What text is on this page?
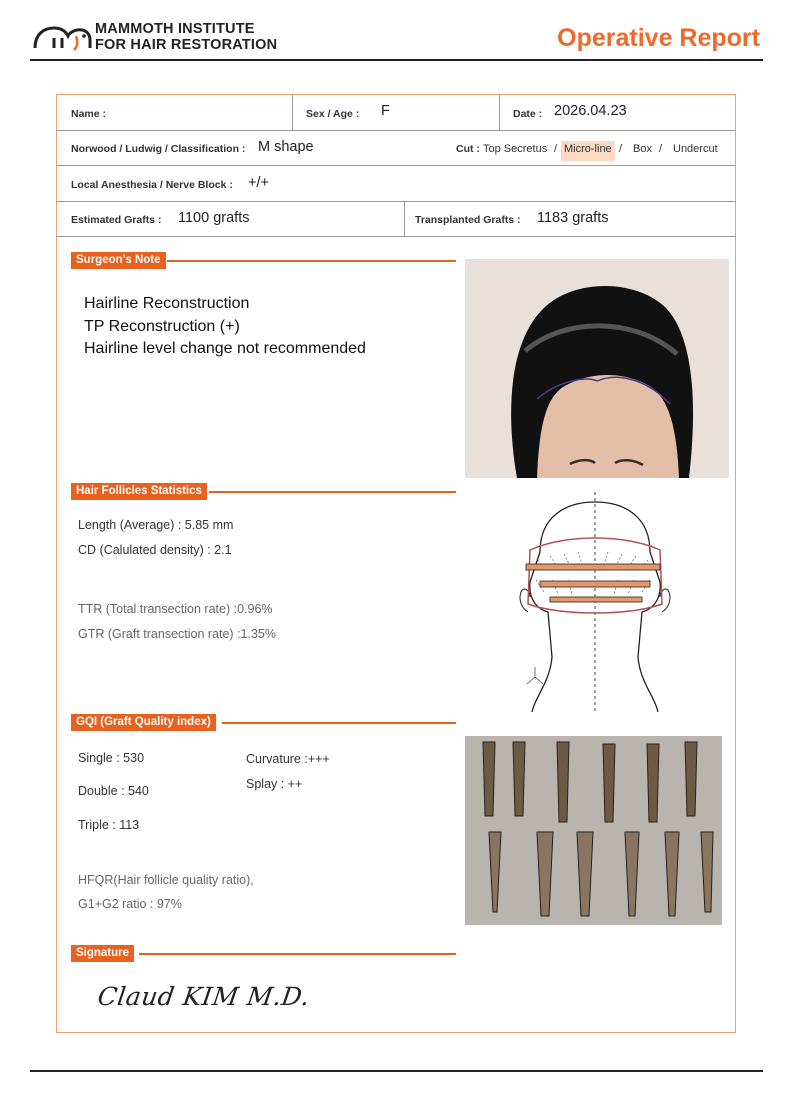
MAMMOTH INSTITUTE
FOR HAIR RESTORATION	Operative Report
Name :	Sex / Age : F	Date : 2026.04.23
Norwood / Ludwig / Classification : M shape	Cut : Top Secretus / Micro-line / Box / Undercut
Local Anesthesia / Nerve Block : +/+
Estimated Grafts : 1100 grafts	Transplanted Grafts : 1183 grafts
Surgeon's Note
Hairline Reconstruction
TP Reconstruction (+)
Hairline level change not recommended
Hair Follicles Statistics
Length (Average) : 5.85 mm
CD (Calulated density) : 2.1
TTR (Total transection rate) :0.96%
GTR (Graft transection rate) :1.35%
GQI (Graft Quality index)
Single : 530
Double : 540
Triple : 113
Curvature :+++
Splay : ++
HFQR(Hair follicle quality ratio),
G1+G2 ratio : 97%
Signature
Claud KIM M.D.
